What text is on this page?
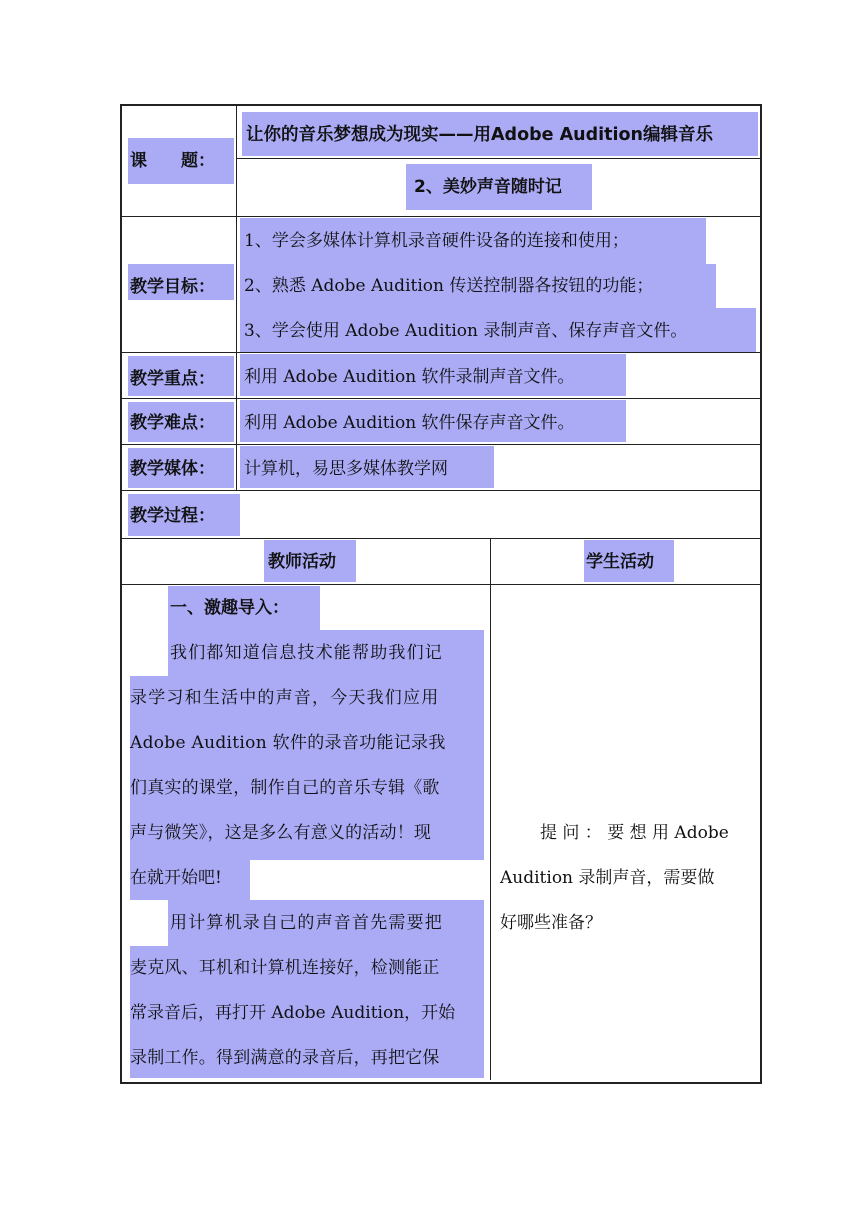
课　　题：
让你的音乐梦想成为现实——用Adobe Audition编辑音乐
2、美妙声音随时记
教学目标：
1、学会多媒体计算机录音硬件设备的连接和使用；
2、熟悉 Adobe Audition 传送控制器各按钮的功能；
3、学会使用 Adobe Audition 录制声音、保存声音文件。
教学重点： 利用 Adobe Audition 软件录制声音文件。
教学难点： 利用 Adobe Audition 软件保存声音文件。
教学媒体： 计算机，易思多媒体教学网
教学过程：
教师活动	学生活动
一、激趣导入：
我们都知道信息技术能帮助我们记
录学习和生活中的声音，今天我们应用
Adobe Audition 软件的录音功能记录我
们真实的课堂，制作自己的音乐专辑《歌
声与微笑》，这是多么有意义的活动！现
在就开始吧!
用计算机录自己的声音首先需要把
麦克风、耳机和计算机连接好，检测能正
常录音后，再打开 Adobe Audition，开始
录制工作。得到满意的录音后，再把它保
提 问 ： 要 想 用 Adobe
Audition 录制声音，需要做
好哪些准备？
